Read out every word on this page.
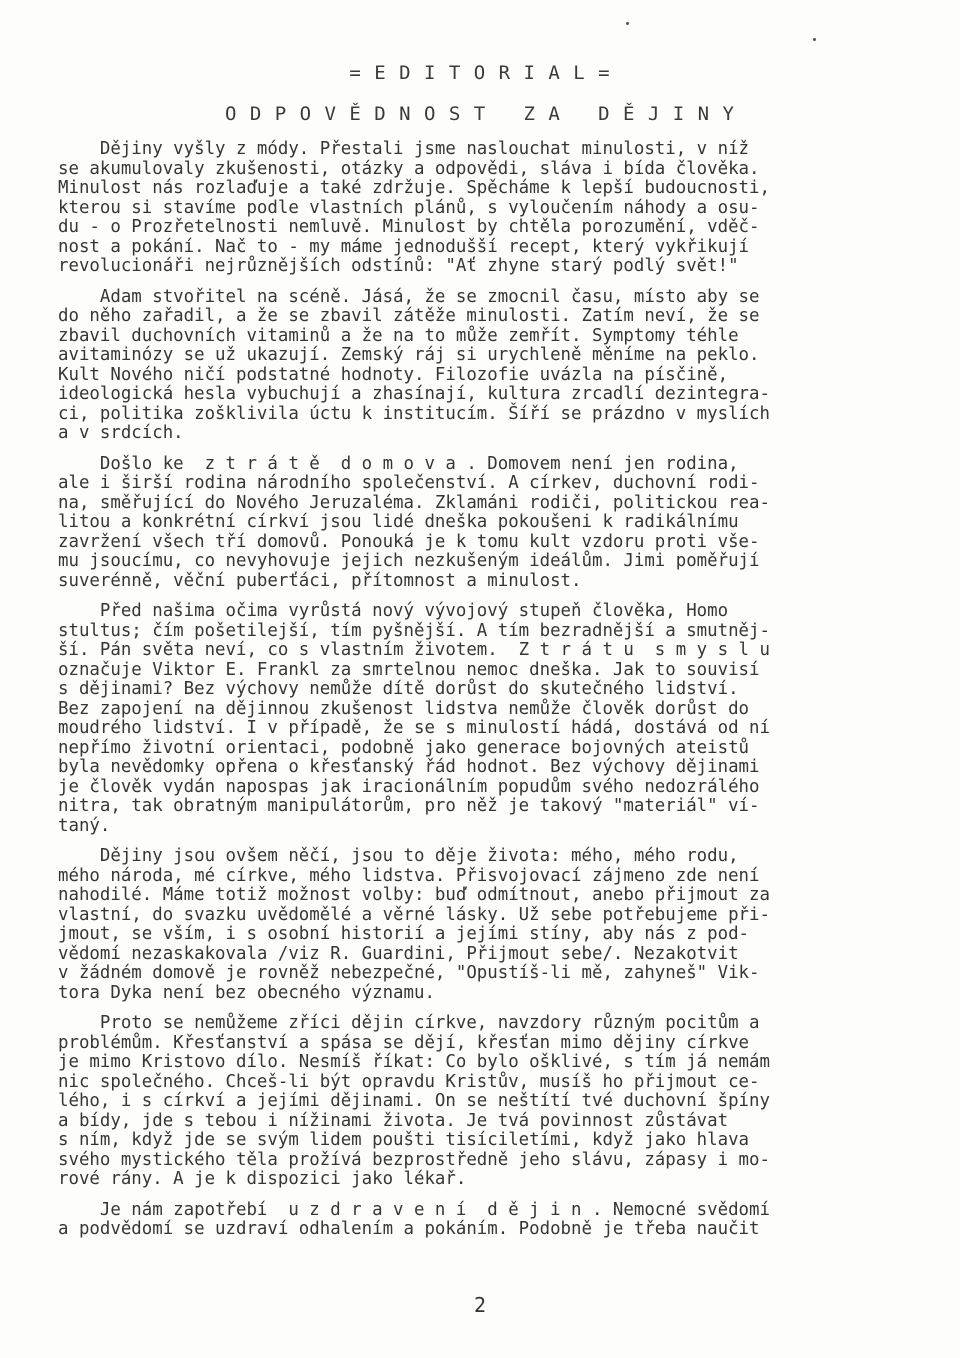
= E D I T O R I A L =
O D P O V Ě D N O S T   Z A   D Ě J I N Y
Dějiny vyšly z módy. Přestali jsme naslouchat minulosti, v níž
se akumulovaly zkušenosti, otázky a odpovědi, sláva i bída člověka.
Minulost nás rozlaďuje a také zdržuje. Spěcháme k lepší budoucnosti,
kterou si stavíme podle vlastních plánů, s vyloučením náhody a osu-
du - o Prozřetelnosti nemluvě. Minulost by chtěla porozumění, vděč-
nost a pokání. Nač to - my máme jednodušší recept, který vykřikují
revolucionáři nejrůznějších odstínů: "Ať zhyne starý podlý svět!"
Adam stvořitel na scéně. Jásá, že se zmocnil času, místo aby se
do něho zařadil, a že se zbavil zátěže minulosti. Zatím neví, že se
zbavil duchovních vitaminů a že na to může zemřít. Symptomy téhle
avitaminózy se už ukazují. Zemský ráj si urychleně měníme na peklo.
Kult Nového ničí podstatné hodnoty. Filozofie uvázla na písčině,
ideologická hesla vybuchují a zhasínají, kultura zrcadlí dezintegra-
ci, politika zošklivila úctu k institucím. Šíří se prázdno v myslích
a v srdcích.
Došlo ke  z t r á t ě  d o m o v a . Domovem není jen rodina,
ale i širší rodina národního společenství. A církev, duchovní rodi-
na, směřující do Nového Jeruzaléma. Zklamáni rodiči, politickou rea-
litou a konkrétní církví jsou lidé dneška pokoušeni k radikálnímu
zavržení všech tří domovů. Ponouká je k tomu kult vzdoru proti vše-
mu jsoucímu, co nevyhovuje jejich nezkušeným ideálům. Jimi poměřují
suverénně, věční puberťáci, přítomnost a minulost.
Před našima očima vyrůstá nový vývojový stupeň člověka, Homo
stultus; čím pošetilejší, tím pyšnější. A tím bezradnější a smutněj-
ší. Pán světa neví, co s vlastním životem.  Z t r á t u  s m y s l u
označuje Viktor E. Frankl za smrtelnou nemoc dneška. Jak to souvisí
s dějinami? Bez výchovy nemůže dítě dorůst do skutečného lidství.
Bez zapojení na dějinnou zkušenost lidstva nemůže člověk dorůst do
moudrého lidství. I v případě, že se s minulostí hádá, dostává od ní
nepřímo životní orientaci, podobně jako generace bojovných ateistů
byla nevědomky opřena o křesťanský řád hodnot. Bez výchovy dějinami
je člověk vydán napospas jak iracionálním popudům svého nedozrálého
nitra, tak obratným manipulátorům, pro něž je takový "materiál" ví-
taný.
Dějiny jsou ovšem něčí, jsou to děje života: mého, mého rodu,
mého národa, mé církve, mého lidstva. Přisvojovací zájmeno zde není
nahodilé. Máme totiž možnost volby: buď odmítnout, anebo přijmout za
vlastní, do svazku uvědomělé a věrné lásky. Už sebe potřebujeme při-
jmout, se vším, i s osobní historií a jejími stíny, aby nás z pod-
vědomí nezaskakovala /viz R. Guardini, Přijmout sebe/. Nezakotvit
v žádném domově je rovněž nebezpečné, "Opustíš-li mě, zahyneš" Vik-
tora Dyka není bez obecného významu.
Proto se nemůžeme zříci dějin církve, navzdory různým pocitům a
problémům. Křesťanství a spása se dějí, křesťan mimo dějiny církve
je mimo Kristovo dílo. Nesmíš říkat: Co bylo ošklivé, s tím já nemám
nic společného. Chceš-li být opravdu Kristův, musíš ho přijmout ce-
lého, i s církví a jejími dějinami. On se neštítí tvé duchovní špíny
a bídy, jde s tebou i nížinami života. Je tvá povinnost zůstávat
s ním, když jde se svým lidem poušti tisíciletími, když jako hlava
svého mystického těla prožívá bezprostředně jeho slávu, zápasy i mo-
rové rány. A je k dispozici jako lékař.
Je nám zapotřebí  u z d r a v e n í  d ě j i n . Nemocné svědomí
a podvědomí se uzdraví odhalením a pokáním. Podobně je třeba naučit
2
